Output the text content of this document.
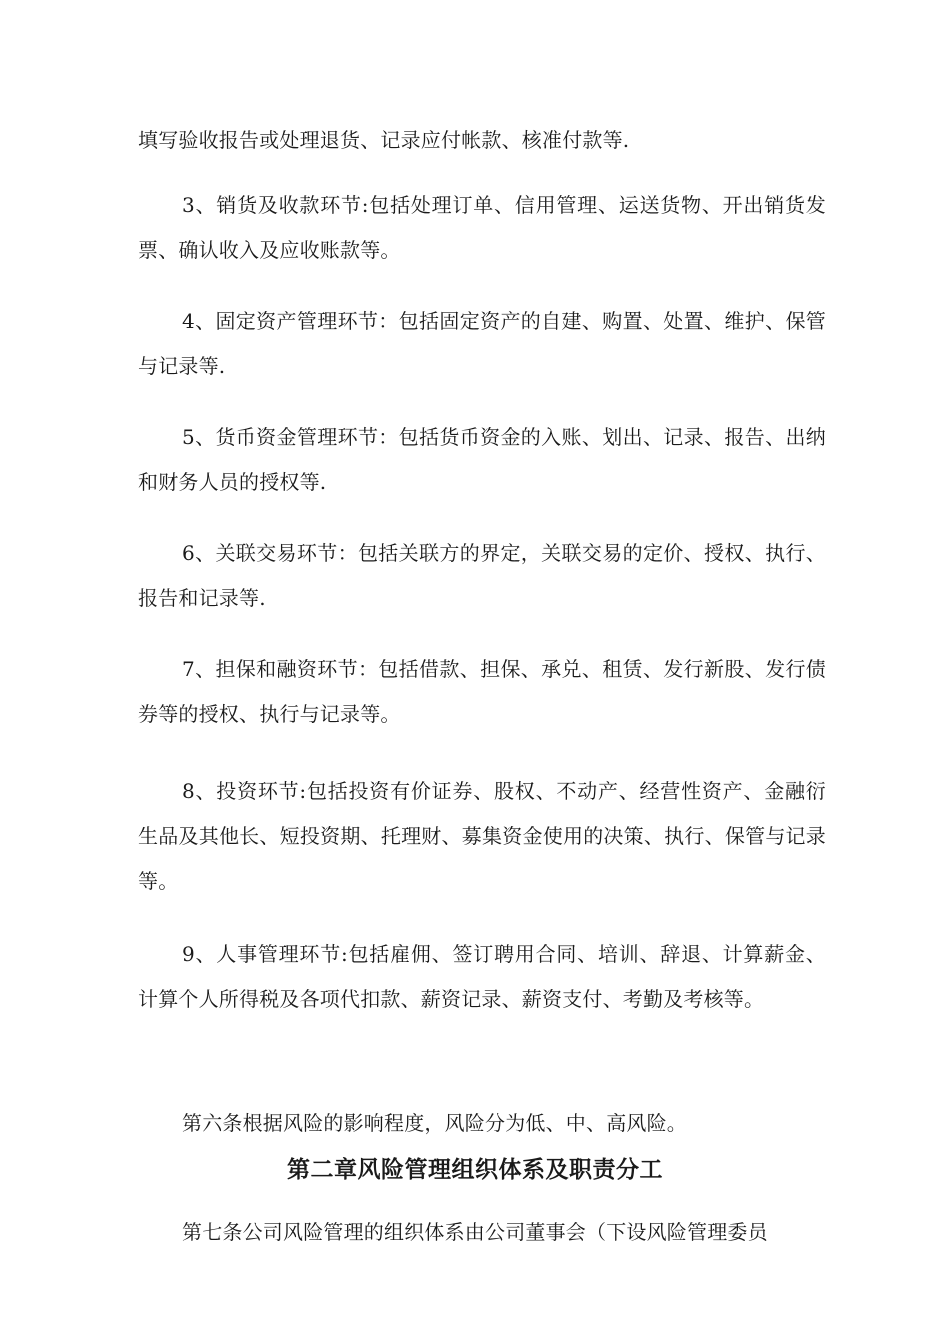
填写验收报告或处理退货、记录应付帐款、核准付款等.

3、销货及收款环节:包括处理订单、信用管理、运送货物、开出销货发票、确认收入及应收账款等。

4、固定资产管理环节：包括固定资产的自建、购置、处置、维护、保管与记录等.

5、货币资金管理环节：包括货币资金的入账、划出、记录、报告、出纳和财务人员的授权等.

6、关联交易环节：包括关联方的界定，关联交易的定价、授权、执行、报告和记录等.

7、担保和融资环节：包括借款、担保、承兑、租赁、发行新股、发行债券等的授权、执行与记录等。

8、投资环节:包括投资有价证券、股权、不动产、经营性资产、金融衍生品及其他长、短投资期、托理财、募集资金使用的决策、执行、保管与记录等。

9、人事管理环节:包括雇佣、签订聘用合同、培训、辞退、计算薪金、计算个人所得税及各项代扣款、薪资记录、薪资支付、考勤及考核等。

第六条根据风险的影响程度，风险分为低、中、高风险。

第二章风险管理组织体系及职责分工

第七条公司风险管理的组织体系由公司董事会（下设风险管理委员
